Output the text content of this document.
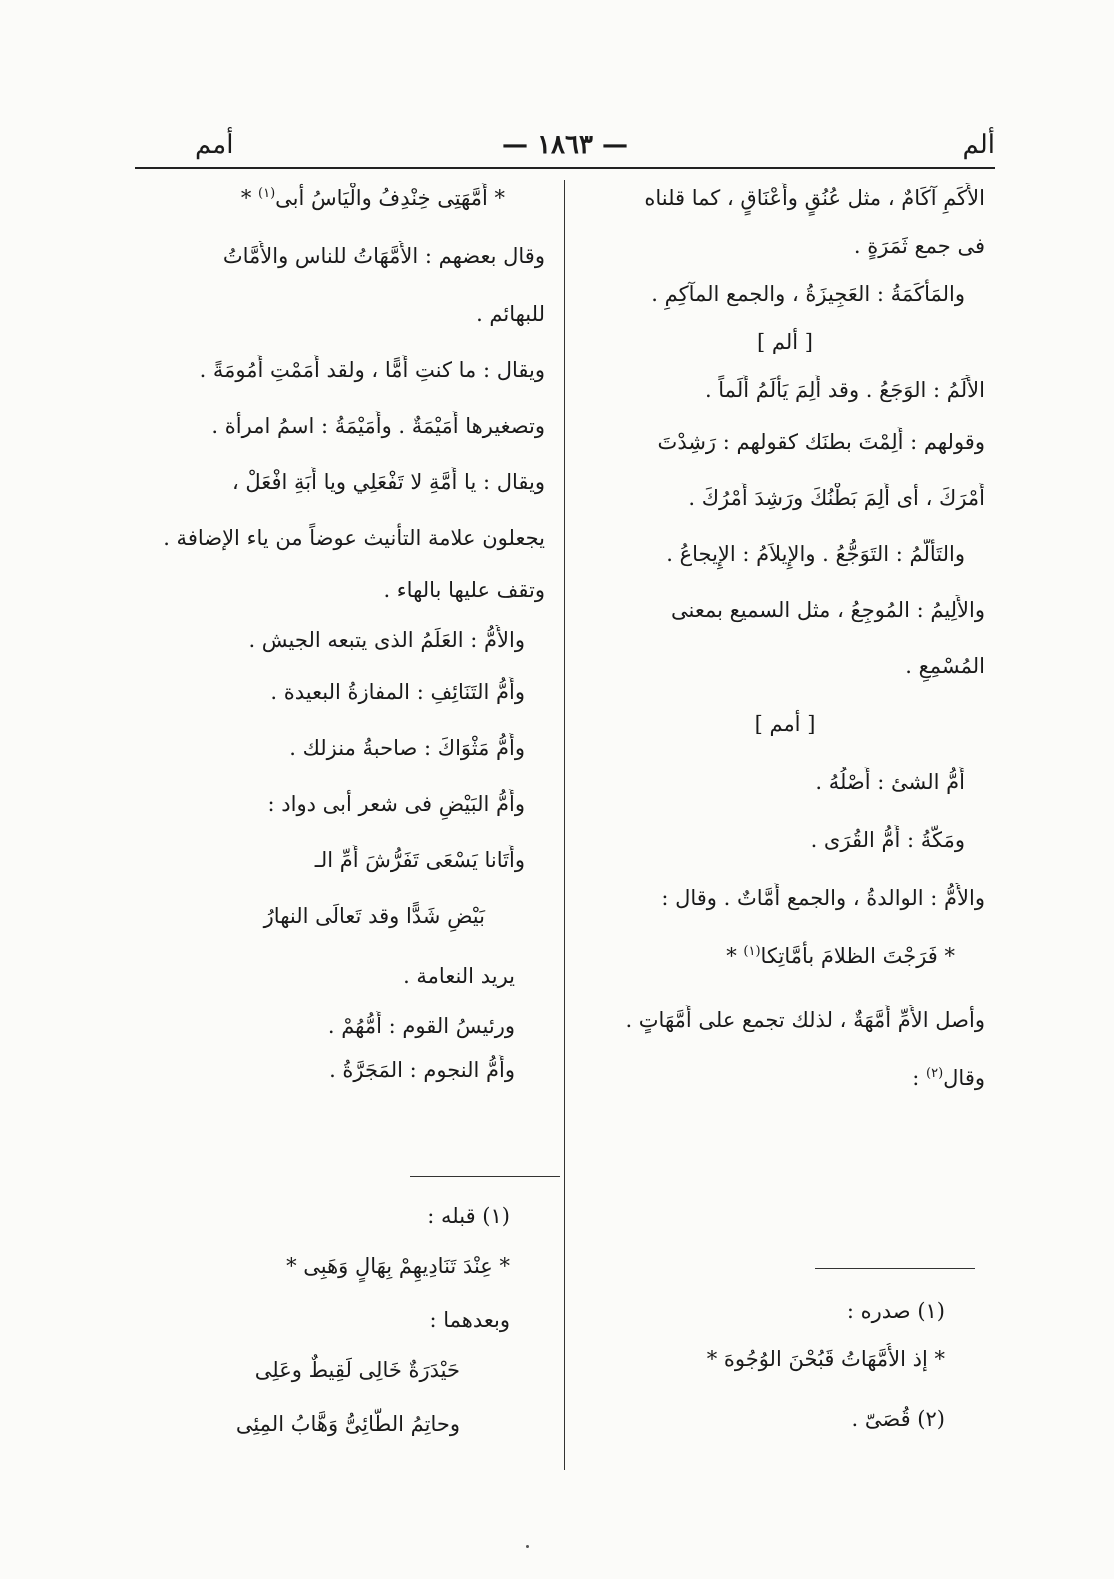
أمم	— ١٨٦٣ —	ألم
الأَكَمِ آكَامٌ ، مثل عُنُقٍ وأَعْنَاقٍ ، كما قلناه
فى جمع ثَمَرَةٍ .
والمَأْكَمَةُ : العَجِيزَةُ ، والجمع المآكِمِ .
[ ألم ]
الأَلَمُ : الوَجَعُ . وقد أَلِمَ يَأْلَمُ أَلَماً .
وقولهم : أَلِمْتَ بطنَك كقولهم : رَشِدْتَ
أَمْرَكَ ، أى أَلِمَ بَطْنُكَ ورَشِدَ أَمْرُكَ .
والتَأَلُّمُ : التَوَجُّعُ . والإِيلاَمُ : الإِيجاعُ .
والأَلِيمُ : المُوجِعُ ، مثل السميع بمعنى
المُسْمِعِ .
[ أمم ]
أُمُّ الشئ : أَصْلُهُ .
ومَكَّةُ : أُمُّ القُرَى .
والأُمُّ : الوالدةُ ، والجمع أُمَّاتٌ . وقال :
* فَرَجْتَ الظلامَ بأُمَّاتِكا$^{(١)}$ *
وأصل الأُمِّ أُمَّهَةٌ ، لذلك تجمع على أُمَّهَاتٍ .
وقال$^{(٢)}$ :
(١) صدره :
* إذ الأُمَّهَاتُ قَبُحْنَ الوُجُوهَ *
(٢) قُصَىّ .
* أُمَّهَتِى خِنْدِفُ والْيَاسُ أبى$^{(١)}$ *
وقال بعضهم : الأُمَّهَاتُ للناس والأُمَّاتُ
للبهائم .
ويقال : ما كنتِ أُمًّا ، ولقد أَمَمْتِ أُمُومَةً .
وتصغيرها أُمَيْمَةٌ . وأُمَيْمَةُ : اسمُ امرأة .
ويقال : يا أُمَّةِ لا تَفْعَلِي ويا أَبَةِ افْعَلْ ،
يجعلون علامة التأنيث عوضاً من ياء الإضافة .
وتقف عليها بالهاء .
والأُمُّ : العَلَمُ الذى يتبعه الجيش .
وأُمُّ التَنَائِفِ : المفازةُ البعيدة .
وأُمُّ مَثْوَاكَ : صاحبةُ منزلك .
وأُمُّ البَيْضِ فى شعر أبى دواد :
وأَتَانا يَسْعَى تَفَرُّشَ أُمِّ الـ
بَيْضِ شَدًّا وقد تَعالَى النهارُ
يريد النعامة .
ورئيسُ القوم : أُمُّهُمْ .
وأُمُّ النجوم : المَجَرَّةُ .
(١) قبله :
* عِنْدَ تَنَادِيهِمْ بِهَالٍ وَهَبِى *
وبعدهما :
حَيْدَرَةٌ خَالِى لَقِيطٌ وعَلِى
وحاتِمُ الطَّائِىُّ وَهَّابُ المِئِى
